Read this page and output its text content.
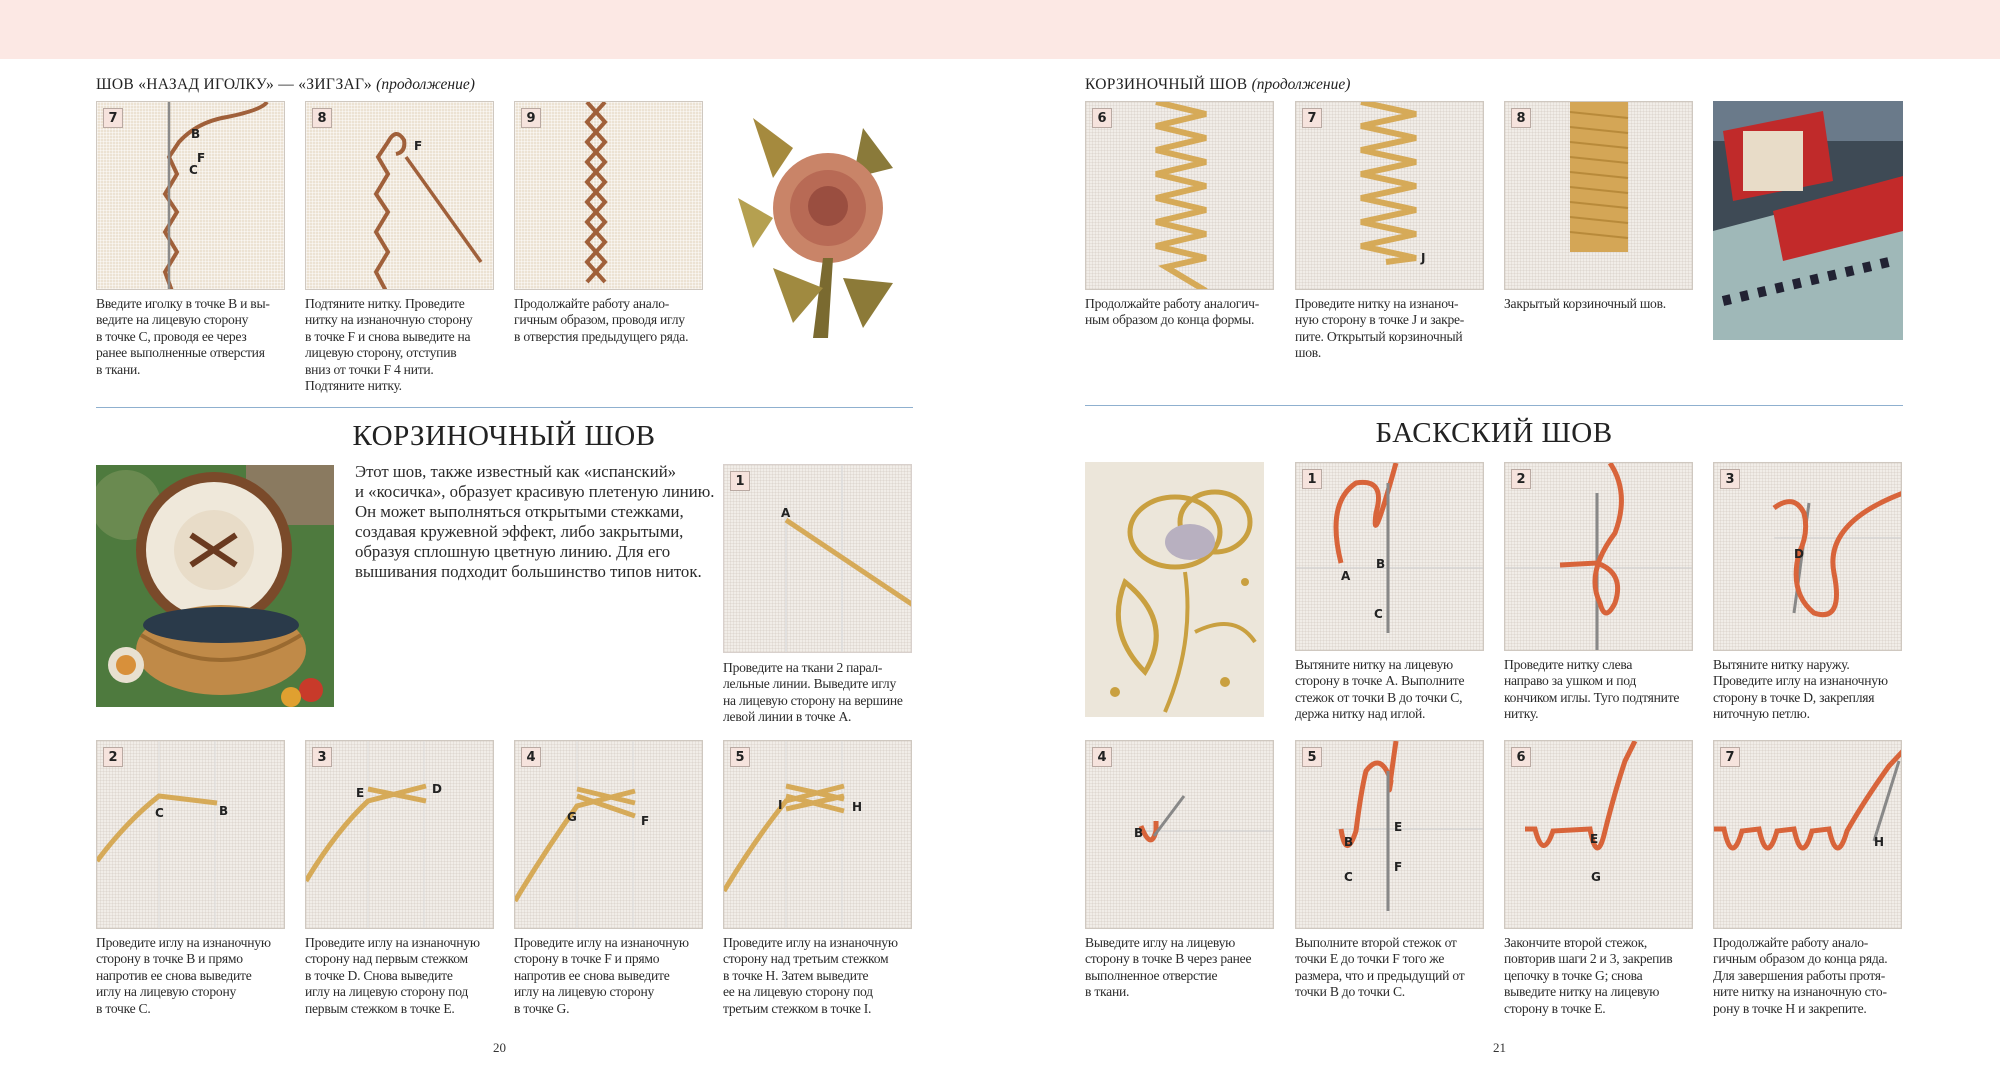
ШОВ «НАЗАД ИГОЛКУ» — «ЗИГЗАГ» (продолжение)
7
B
F
C
Введите иголку в точке B и вы-
ведите на лицевую сторону
в точке C, проводя ее через
ранее выполненные отверстия
в ткани.
8
F
Подтяните нитку. Проведите
нитку на изнаночную сторону
в точке F и снова выведите на
лицевую сторону, отступив
вниз от точки F 4 нити.
Подтяните нитку.
9
Продолжайте работу анало-
гичным образом, проводя иглу
в отверстия предыдущего ряда.
КОРЗИНОЧНЫЙ ШОВ
Этот шов, также известный как «испанский»
и «косичка», образует красивую плетеную линию.
Он может выполняться открытыми стежками,
создавая кружевной эффект, либо закрытыми,
образуя сплошную цветную линию. Для его
вышивания подходит большинство типов ниток.
1
A
Проведите на ткани 2 парал-
лельные линии. Выведите иглу
на лицевую сторону на вершине
левой линии в точке A.
2
C	B
Проведите иглу на изнаночную
сторону в точке B и прямо
напротив ее снова выведите
иглу на лицевую сторону
в точке C.
3
E	D
Проведите иглу на изнаночную
сторону над первым стежком
в точке D. Снова выведите
иглу на лицевую сторону под
первым стежком в точке E.
4
G	F
Проведите иглу на изнаночную
сторону в точке F и прямо
напротив ее снова выведите
иглу на лицевую сторону
в точке G.
5
I	H
Проведите иглу на изнаночную
сторону над третьим стежком
в точке H. Затем выведите
ее на лицевую сторону под
третьим стежком в точке I.
20
КОРЗИНОЧНЫЙ ШОВ (продолжение)
6
Продолжайте работу аналогич-
ным образом до конца формы.
7
J
Проведите нитку на изнаноч-
ную сторону в точке J и закре-
пите. Открытый корзиночный
шов.
8
Закрытый корзиночный шов.
БАСКСКИЙ ШОВ
1
A
B
C
Вытяните нитку на лицевую
сторону в точке A. Выполните
стежок от точки B до точки C,
держа нитку над иглой.
2
Проведите нитку слева
направо за ушком и под
кончиком иглы. Туго подтяните
нитку.
3
D
Вытяните нитку наружу.
Проведите иглу на изнаночную
сторону в точке D, закрепляя
ниточную петлю.
4
B
Выведите иглу на лицевую
сторону в точке B через ранее
выполненное отверстие
в ткани.
5
B
E
C
F
Выполните второй стежок от
точки E до точки F того же
размера, что и предыдущий от
точки B до точки C.
6
E
G
Закончите второй стежок,
повторив шаги 2 и 3, закрепив
цепочку в точке G; снова
выведите нитку на лицевую
сторону в точке E.
7
H
Продолжайте работу анало-
гичным образом до конца ряда.
Для завершения работы протя-
ните нитку на изнаночную сто-
рону в точке H и закрепите.
21
